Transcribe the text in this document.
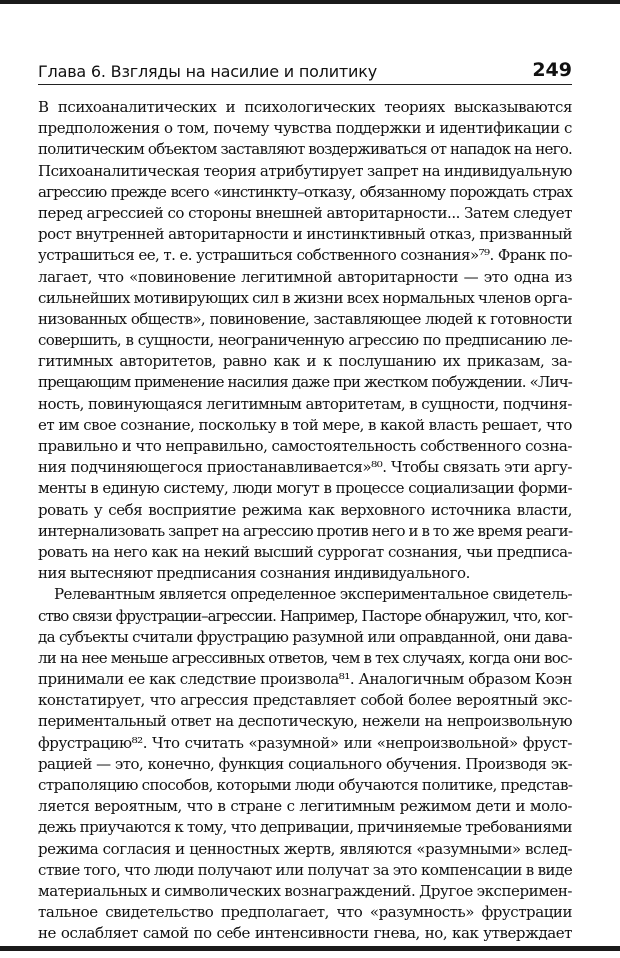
Глава 6. Взгляды на насилие и политику	249
В психоаналитических и психологических теориях высказываются
предположения о том, почему чувства поддержки и идентификации с
политическим объектом заставляют воздерживаться от нападок на него.
Психоаналитическая теория атрибутирует запрет на индивидуальную
агрессию прежде всего «инстинкту–отказу, обязанному порождать страх
перед агрессией со стороны внешней авторитарности... Затем следует
рост внутренней авторитарности и инстинктивный отказ, призванный
устрашиться ее, т. е. устрашиться собственного сознания»⁷⁹. Франк по-
лагает, что «повиновение легитимной авторитарности — это одна из
сильнейших мотивирующих сил в жизни всех нормальных членов орга-
низованных обществ», повиновение, заставляющее людей к готовности
совершить, в сущности, неограниченную агрессию по предписанию ле-
гитимных авторитетов, равно как и к послушанию их приказам, за-
прещающим применение насилия даже при жестком побуждении. «Лич-
ность, повинующаяся легитимным авторитетам, в сущности, подчиня-
ет им свое сознание, поскольку в той мере, в какой власть решает, что
правильно и что неправильно, самостоятельность собственного созна-
ния подчиняющегося приостанавливается»⁸⁰. Чтобы связать эти аргу-
менты в единую систему, люди могут в процессе социализации форми-
ровать у себя восприятие режима как верховного источника власти,
интернализовать запрет на агрессию против него и в то же время реаги-
ровать на него как на некий высший суррогат сознания, чьи предписа-
ния вытесняют предписания сознания индивидуального.
Релевантным является определенное экспериментальное свидетель-
ство связи фрустрации–агрессии. Например, Пасторе обнаружил, что, ког-
да субъекты считали фрустрацию разумной или оправданной, они дава-
ли на нее меньше агрессивных ответов, чем в тех случаях, когда они вос-
принимали ее как следствие произвола⁸¹. Аналогичным образом Коэн
констатирует, что агрессия представляет собой более вероятный экс-
периментальный ответ на деспотическую, нежели на непроизвольную
фрустрацию⁸². Что считать «разумной» или «непроизвольной» фруст-
рацией — это, конечно, функция социального обучения. Производя эк-
страполяцию способов, которыми люди обучаются политике, представ-
ляется вероятным, что в стране с легитимным режимом дети и моло-
дежь приучаются к тому, что депривации, причиняемые требованиями
режима согласия и ценностных жертв, являются «разумными» вслед-
ствие того, что люди получают или получат за это компенсации в виде
материальных и символических вознаграждений. Другое эксперимен-
тальное свидетельство предполагает, что «разумность» фрустрации
не ослабляет самой по себе интенсивности гнева, но, как утверждает
